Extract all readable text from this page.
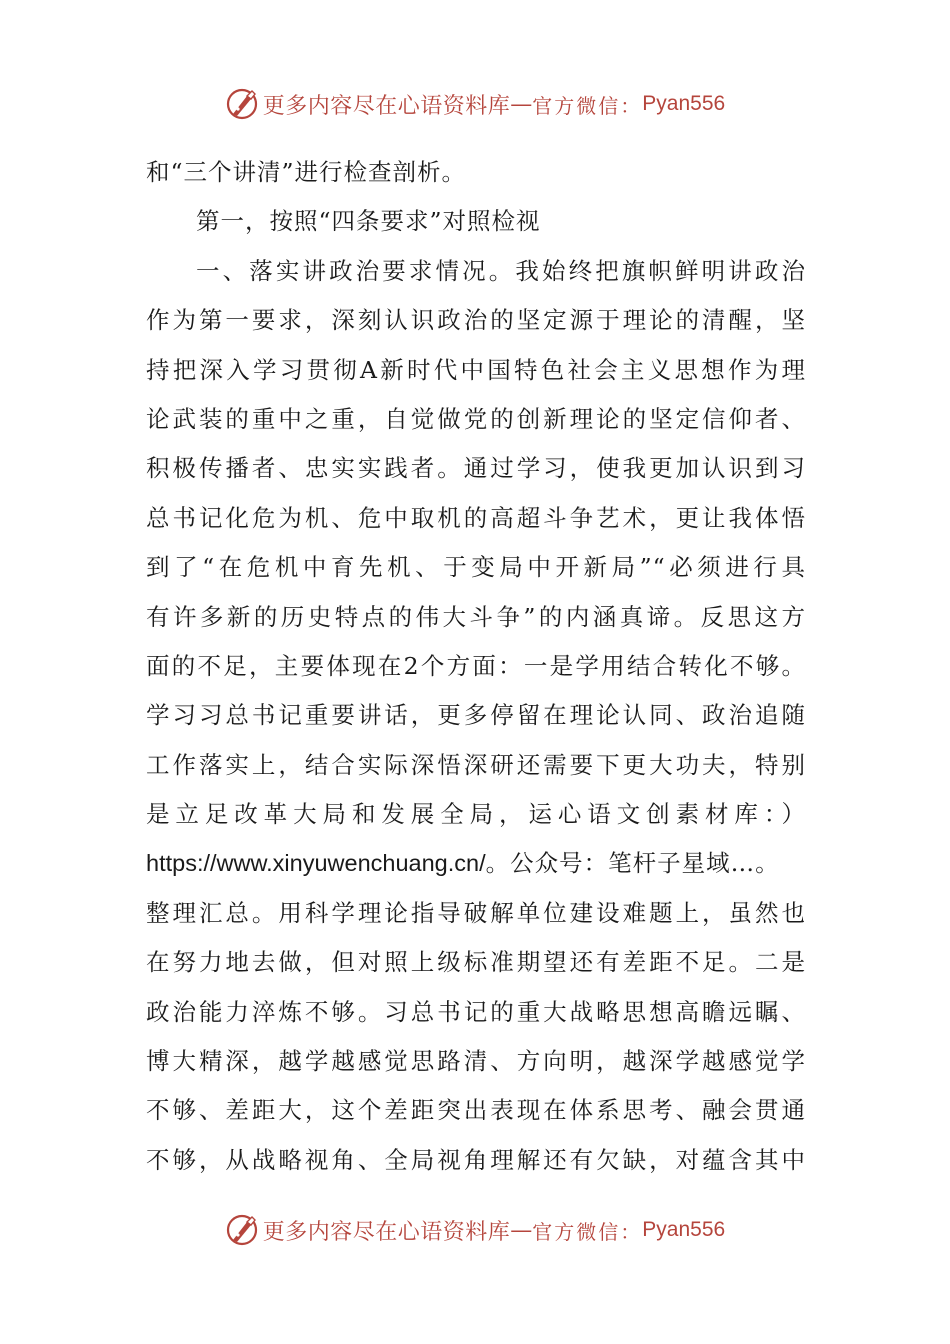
更多内容尽在心语资料库 — 官方微信： Pyan556
和“三个讲清”进行检查剖析。
第一，按照“四条要求”对照检视
一、落实讲政治要求情况。我始终把旗帜鲜明讲政治
作为第一要求，深刻认识政治的坚定源于理论的清醒，坚
持把深入学习贯彻A新时代中国特色社会主义思想作为理
论武装的重中之重，自觉做党的创新理论的坚定信仰者、
积极传播者、忠实实践者。通过学习，使我更加认识到习
总书记化危为机、危中取机的高超斗争艺术，更让我体悟
到了“在危机中育先机、于变局中开新局”“必须进行具
有许多新的历史特点的伟大斗争”的内涵真谛。反思这方
面的不足，主要体现在2个方面：一是学用结合转化不够。
学习习总书记重要讲话，更多停留在理论认同、政治追随
工作落实上，结合实际深悟深研还需要下更大功夫，特别
是立足改革大局和发展全局，运心语文创素材库：）
https://www.xinyuwenchuang.cn/。公众号：笔杆子星域…。
整理汇总。用科学理论指导破解单位建设难题上，虽然也
在努力地去做，但对照上级标准期望还有差距不足。二是
政治能力淬炼不够。习总书记的重大战略思想高瞻远瞩、
博大精深，越学越感觉思路清、方向明，越深学越感觉学
不够、差距大，这个差距突出表现在体系思考、融会贯通
不够，从战略视角、全局视角理解还有欠缺，对蕴含其中
更多内容尽在心语资料库 — 官方微信： Pyan556
